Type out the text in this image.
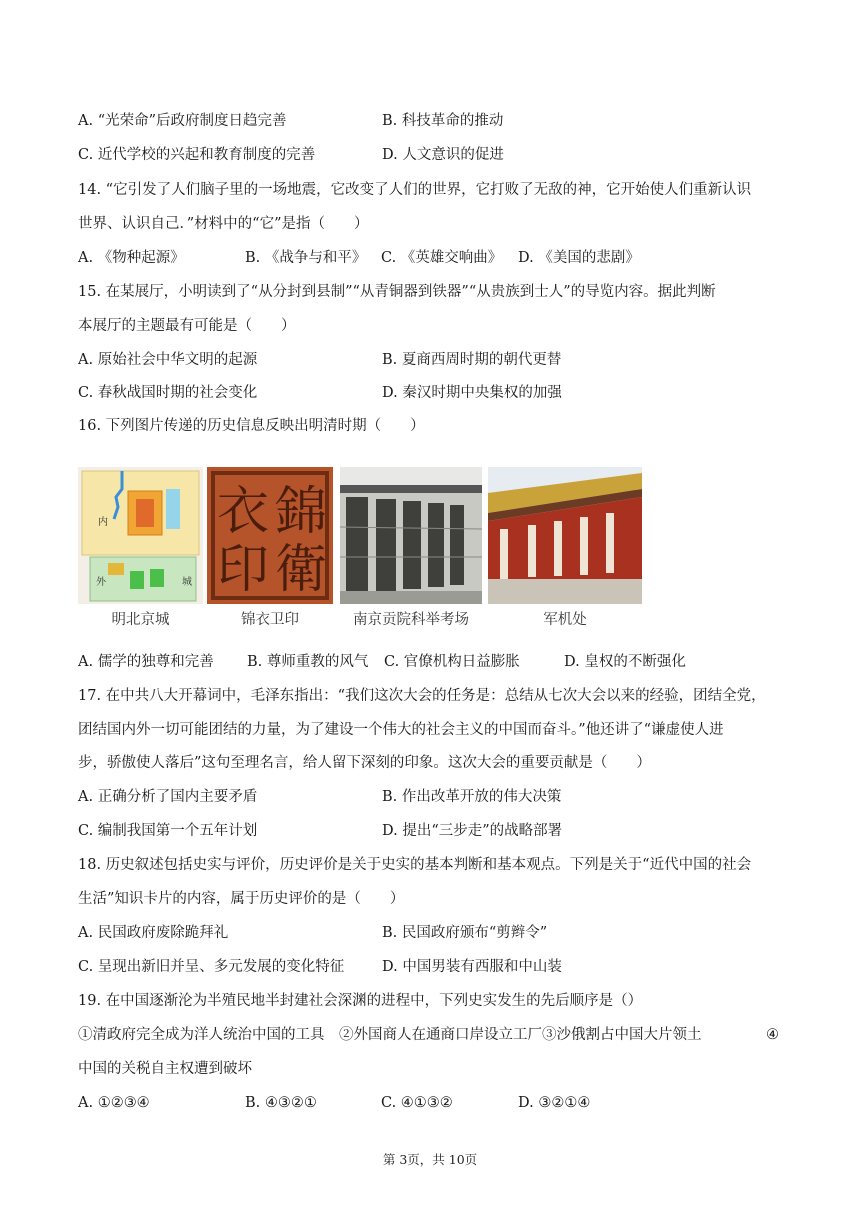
A. “光荣命”后政府制度日趋完善	B. 科技革命的推动
C. 近代学校的兴起和教育制度的完善	D. 人文意识的促进
14. “它引发了人们脑子里的一场地震，它改变了人们的世界，它打败了无敌的神，它开始使人们重新认识
世界、认识自己．”材料中的“它”是指（　　）
A. 《物种起源》	B. 《战争与和平》 C. 《英雄交响曲》 D. 《美国的悲剧》
15. 在某展厅，小明读到了“从分封到县制”“从青铜器到铁器”“从贵族到士人”的导览内容。据此判断
本展厅的主题最有可能是（　　）
A. 原始社会中华文明的起源	B. 夏商西周时期的朝代更替
C. 春秋战国时期的社会变化	D. 秦汉时期中央集权的加强
16. 下列图片传递的历史信息反映出明清时期（　　）
内
外	城
錦
衣
衛
印
明北京城	锦衣卫印	南京贡院科举考场	军机处
A. 儒学的独尊和完善 B. 尊师重教的风气 C. 官僚机构日益膨胀	D. 皇权的不断强化
17. 在中共八大开幕词中，毛泽东指出：“我们这次大会的任务是：总结从七次大会以来的经验，团结全党，
团结国内外一切可能团结的力量，为了建设一个伟大的社会主义的中国而奋斗。”他还讲了“谦虚使人进
步，骄傲使人落后”这句至理名言，给人留下深刻的印象。这次大会的重要贡献是（　　）
A. 正确分析了国内主要矛盾	B. 作出改革开放的伟大决策
C. 编制我国第一个五年计划	D. 提出“三步走”的战略部署
18. 历史叙述包括史实与评价，历史评价是关于史实的基本判断和基本观点。下列是关于“近代中国的社会
生活”知识卡片的内容，属于历史评价的是（　　）
A. 民国政府废除跪拜礼	B. 民国政府颁布“剪辫令”
C. 呈现出新旧并呈、多元发展的变化特征	D. 中国男装有西服和中山装
19. 在中国逐渐沦为半殖民地半封建社会深渊的进程中，下列史实发生的先后顺序是（）
①清政府完全成为洋人统治中国的工具　②外国商人在通商口岸设立工厂③沙俄割占中国大片领土	④
中国的关税自主权遭到破坏
A. ①②③④	B. ④③②①	C. ④①③②	D. ③②①④
第 3页，共 10页
